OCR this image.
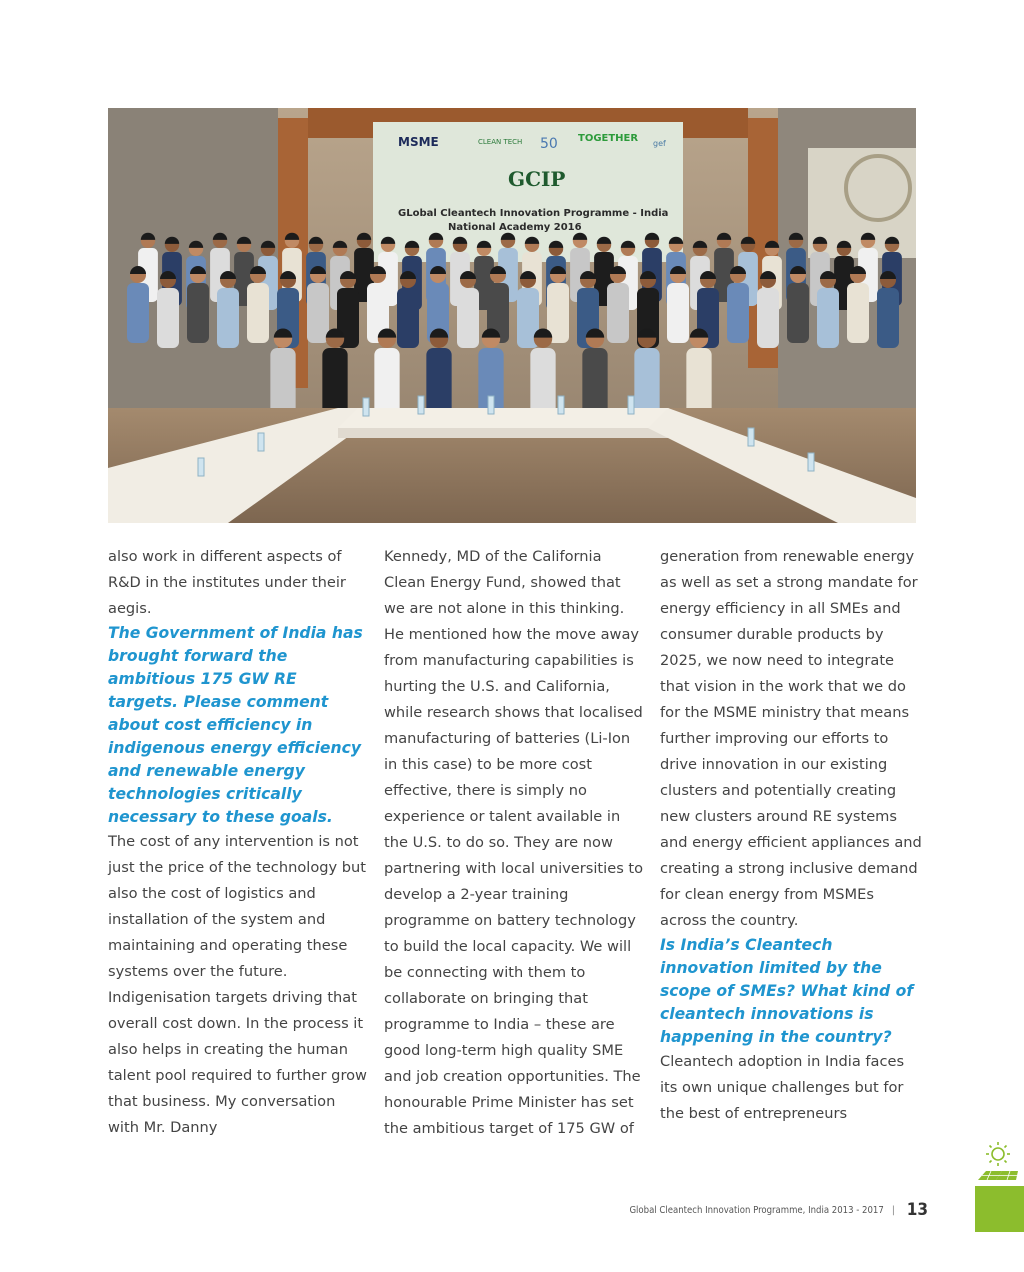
MSME	CLEAN TECH 50 TOGETHER gef
GCIP
GLobal Cleantech Innovation Programme - India
National Academy 2016

also work in different aspects of R&D in the institutes under their aegis.

The Government of India has brought forward the ambitious 175 GW RE targets. Please comment about cost efficiency in indigenous energy efficiency and renewable energy technologies critically necessary to these goals.

The cost of any intervention is not just the price of the technology but also the cost of logistics and installation of the system and maintaining and operating these systems over the future. Indigenisation targets driving that overall cost down. In the process it also helps in creating the human talent pool required to further grow that business. My conversation with Mr. Danny

Kennedy, MD of the California Clean Energy Fund, showed that we are not alone in this thinking. He mentioned how the move away from manufacturing capabilities is hurting the U.S. and California, while research shows that localised manufacturing of batteries (Li-Ion in this case) to be more cost effective, there is simply no experience or talent available in the U.S. to do so. They are now partnering with local universities to develop a 2-year training programme on battery technology to build the local capacity. We will be connecting with them to collaborate on bringing that programme to India – these are good long-term high quality SME and job creation opportunities. The honourable Prime Minister has set the ambitious target of 175 GW of

generation from renewable energy as well as set a strong mandate for energy efficiency in all SMEs and consumer durable products by 2025, we now need to integrate that vision in the work that we do for the MSME ministry that means further improving our efforts to drive innovation in our existing clusters and potentially creating new clusters around RE systems and energy efficient appliances and creating a strong inclusive demand for clean energy from MSMEs across the country.

Is India’s Cleantech innovation limited by the scope of SMEs? What kind of cleantech innovations is happening in the country?

Cleantech adoption in India faces its own unique challenges but for the best of entrepreneurs

Global Cleantech Innovation Programme, India 2013 - 2017 | 13
